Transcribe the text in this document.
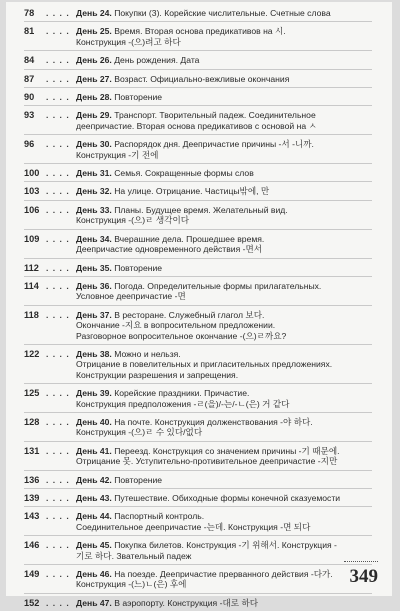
78	. . . . День 24. Покупки (3). Корейские числительные. Счетные слова
81	. . . . День 25. Время. Вторая основа предикативов на 시.
Конструкция -(으)려고 하다
84	. . . . День 26. День рождения. Дата
87	. . . . День 27. Возраст. Официально-вежливые окончания
90	. . . . День 28. Повторение
93	. . . . День 29. Транспорт. Творительный падеж. Соединительное
деепричастие. Вторая основа предикативов с основой на ㅅ
96	. . . . День 30. Распорядок дня. Деепричастие причины -서 -니까.
Конструкция -기 전에
100 . . . . День 31. Семья. Сокращенные формы слов
103 . . . . День 32. На улице. Отрицание. Частицы밖에, 만
106 . . . . День 33. Планы. Будущее время. Желательный вид.
Конструкция -(으)ㄹ 생각이다
109 . . . . День 34. Вчерашние дела. Прошедшее время.
Деепричастие одновременного действия -면서
112 . . . . День 35. Повторение
114 . . . . День 36. Погода. Определительные формы прилагательных.
Условное деепричастие -면
118 . . . . День 37. В ресторане. Служебный глагол 보다.
Окончание -지요 в вопросительном предложении.
Разговорное вопросительное окончание -(으)ㄹ까요?
122 . . . . День 38. Можно и нельзя.
Отрицание в повелительных и пригласительных предложениях.
Конструкции разрешения и запрещения.
125 . . . . День 39. Корейские праздники. Причастие.
Конструкция предположения -ㄹ(을)/-는/-ㄴ(은) 거 같다
128 . . . . День 40. На почте. Конструкция долженствования -야 하다.
Конструкция -(으)ㄹ 수 있다/없다
131 . . . . День 41. Переезд. Конструкция со значением причины -기 때문에.
Отрицание 못. Уступительно-противительное деепричастие -지만
136 . . . . День 42. Повторение
139 . . . . День 43. Путешествие. Обиходные формы конечной сказуемости
143 . . . . День 44. Паспортный контроль.
Соединительное деепричастие -는데. Конструкция -면 되다
146 . . . . День 45. Покупка билетов. Конструкция -기 위해서. Конструкция -
기로 하다. Звательный падеж
149 . . . . День 46. На поезде. Деепричастие прерванного действия -다가.
Конструкция -(느)ㄴ(은) 후에
152 . . . . День 47. В аэропорту. Конструкция -대로 하다
349
